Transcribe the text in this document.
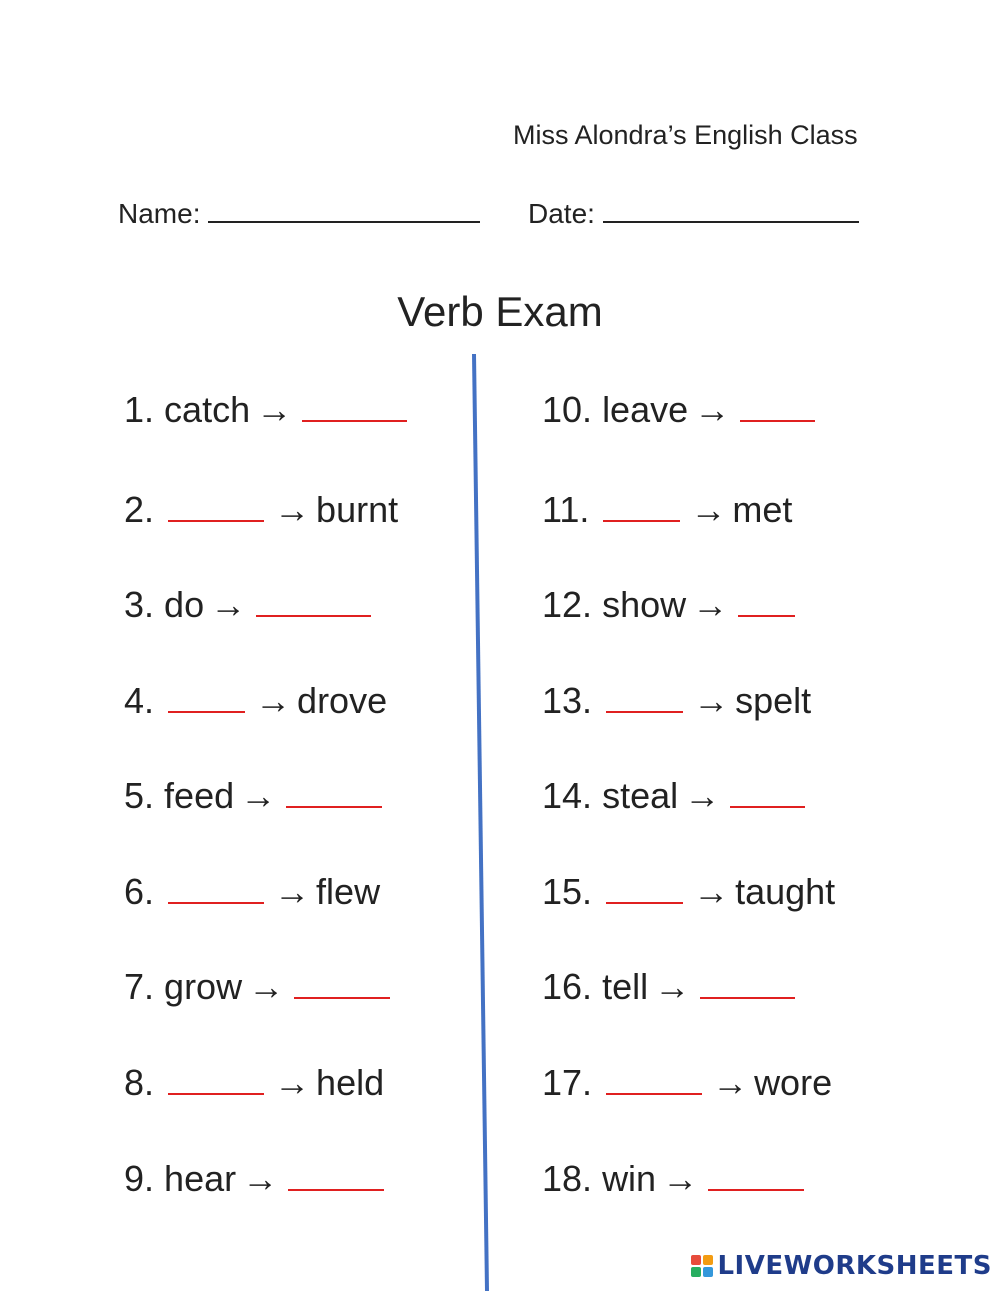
Miss Alondra’s English Class
Name:	Date:
Verb Exam
1. catch →
2.	→ burnt
3. do →
4.	→ drove
5. feed →
6.	→ flew
7. grow →
8.	→ held
9. hear →
10. leave →
11.	→ met
12. show →
13.	→ spelt
14. steal →
15.	→ taught
16. tell →
17.	→ wore
18. win →
LIVEWORKSHEETS
